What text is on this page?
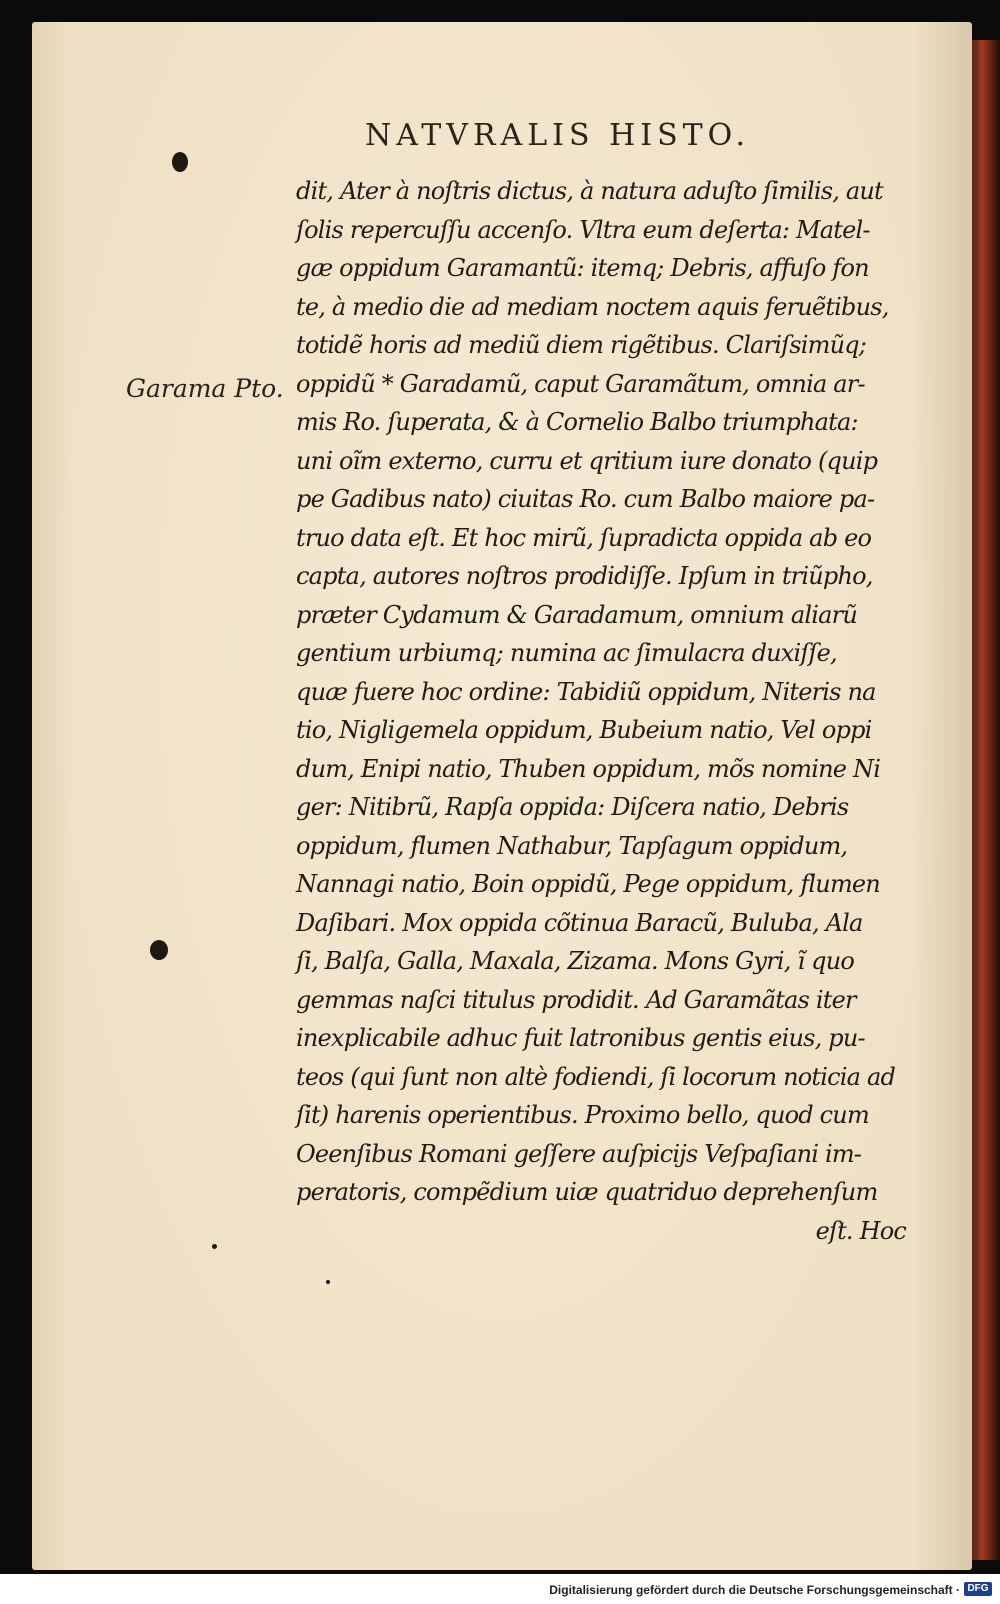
NATVRALIS HISTO.
Garama Pto.
dit, Ater à noſtris dictus, à natura aduſto ſimilis, aut
ſolis repercuſſu accenſo. Vltra eum deſerta: Matel-
gæ oppidum Garamantũ: itemq; Debris, affuſo fon
te, à medio die ad mediam noctem aquis feruẽtibus,
totidẽ horis ad mediũ diem rigẽtibus. Clariſsimũq;
oppidũ * Garadamũ, caput Garamãtum, omnia ar-
mis Ro. ſuperata, & à Cornelio Balbo triumphata:
uni oĩm externo, curru et qritium iure donato (quip
pe Gadibus nato) ciuitas Ro. cum Balbo maiore pa-
truo data eſt. Et hoc mirũ, ſupradicta oppida ab eo
capta, autores noſtros prodidiſſe. Ipſum in triũpho,
præter Cydamum & Garadamum, omnium aliarũ
gentium urbiumq; numina ac ſimulacra duxiſſe,
quæ fuere hoc ordine: Tabidiũ oppidum, Niteris na
tio, Nigligemela oppidum, Bubeium natio, Vel oppi
dum, Enipi natio, Thuben oppidum, mõs nomine Ni
ger: Nitibrũ, Rapſa oppida: Diſcera natio, Debris
oppidum, flumen Nathabur, Tapſagum oppidum,
Nannagi natio, Boin oppidũ, Pege oppidum, flumen
Daſibari. Mox oppida cõtinua Baracũ, Buluba, Ala
ſi, Balſa, Galla, Maxala, Zizama. Mons Gyri, ĩ quo
gemmas naſci titulus prodidit. Ad Garamãtas iter
inexplicabile adhuc fuit latronibus gentis eius, pu-
teos (qui ſunt non altè fodiendi, ſi locorum noticia ad
ſit) harenis operientibus. Proximo bello, quod cum
Oeenſibus Romani geſſere auſpicijs Veſpaſiani im-
peratoris, compẽdium uiæ quatriduo deprehenſum
eſt. Hoc
Digitalisierung gefördert durch die Deutsche Forschungsgemeinschaft · DFG
